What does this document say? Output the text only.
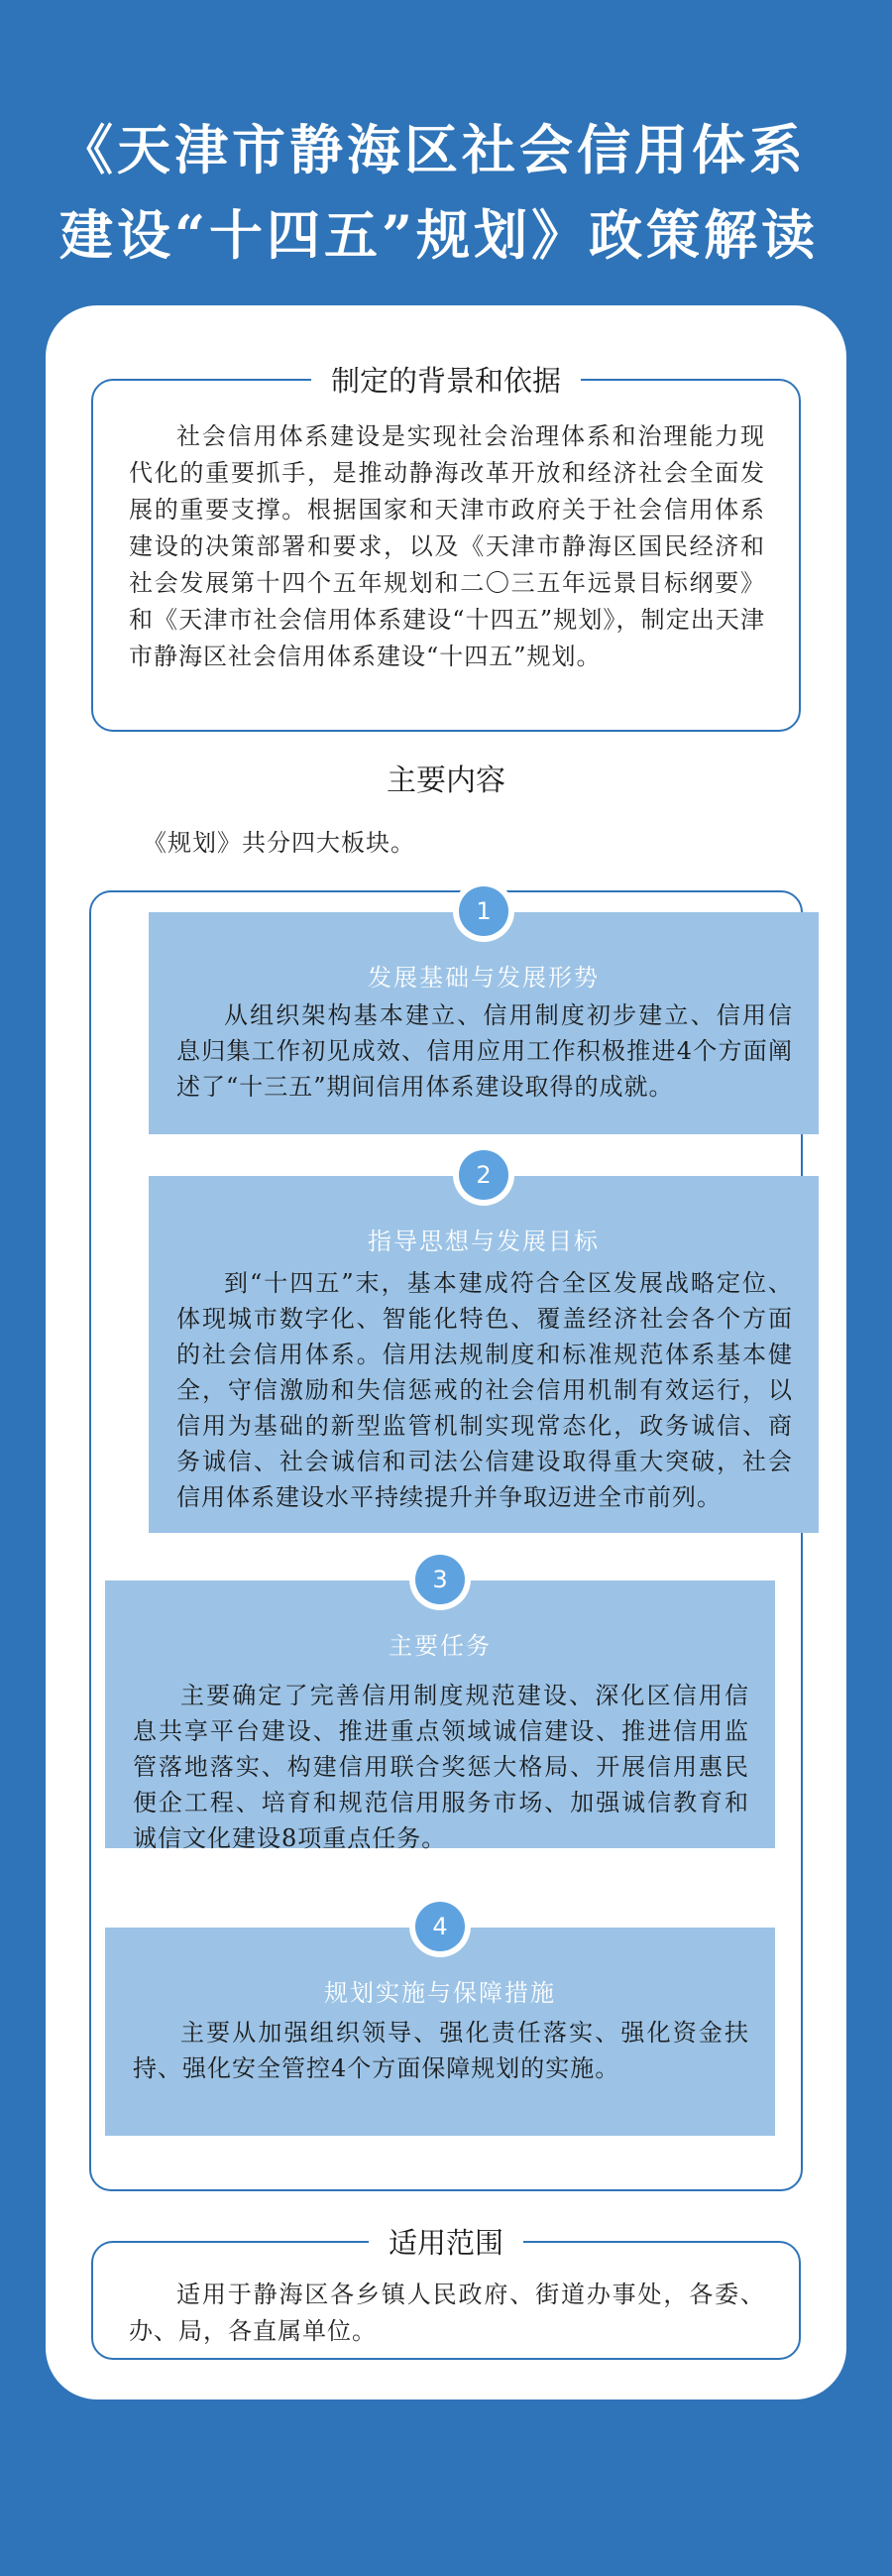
《天津市静海区社会信用体系建设“十四五”规划》政策解读
制定的背景和依据
社会信用体系建设是实现社会治理体系和治理能力现代化的重要抓手，是推动静海改革开放和经济社会全面发展的重要支撑。根据国家和天津市政府关于社会信用体系建设的决策部署和要求，以及《天津市静海区国民经济和社会发展第十四个五年规划和二〇三五年远景目标纲要》和《天津市社会信用体系建设“十四五”规划》，制定出天津市静海区社会信用体系建设“十四五”规划。
主要内容
《规划》共分四大板块。
1
发展基础与发展形势
从组织架构基本建立、信用制度初步建立、信用信息归集工作初见成效、信用应用工作积极推进4个方面阐述了“十三五”期间信用体系建设取得的成就。
2
指导思想与发展目标
到“十四五”末，基本建成符合全区发展战略定位、体现城市数字化、智能化特色、覆盖经济社会各个方面的社会信用体系。信用法规制度和标准规范体系基本健全，守信激励和失信惩戒的社会信用机制有效运行，以信用为基础的新型监管机制实现常态化，政务诚信、商务诚信、社会诚信和司法公信建设取得重大突破，社会信用体系建设水平持续提升并争取迈进全市前列。
3
主要任务
主要确定了完善信用制度规范建设、深化区信用信息共享平台建设、推进重点领域诚信建设、推进信用监管落地落实、构建信用联合奖惩大格局、开展信用惠民便企工程、培育和规范信用服务市场、加强诚信教育和诚信文化建设8项重点任务。
4
规划实施与保障措施
主要从加强组织领导、强化责任落实、强化资金扶持、强化安全管控4个方面保障规划的实施。
适用范围
适用于静海区各乡镇人民政府、街道办事处，各委、办、局，各直属单位。
